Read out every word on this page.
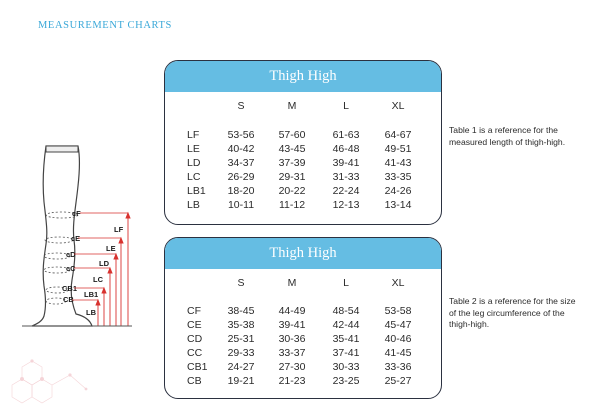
MEASUREMENT CHARTS
Thigh High
S	M	L	XL
LF	53-56	57-60	61-63	64-67
LE	40-42	43-45	46-48	49-51
LD	34-37	37-39	39-41	41-43
LC	26-29	29-31	31-33	33-35
LB1	18-20	20-22	22-24	24-26
LB	10-11	11-12	12-13	13-14
Thigh High
S	M	L	XL
CF	38-45	44-49	48-54	53-58
CE	35-38	39-41	42-44	45-47
CD	25-31	30-36	35-41	40-46
CC	29-33	33-37	37-41	41-45
CB1	24-27	27-30	30-33	33-36
CB	19-21	21-23	23-25	25-27
Table 1 is a reference for the measured length of thigh-high.
Table 2 is a reference for the size of the leg circumference of the thigh-high.
cF
cE
cD
cC
CB1
CB
LF
LE
LD
LC
LB1
LB
